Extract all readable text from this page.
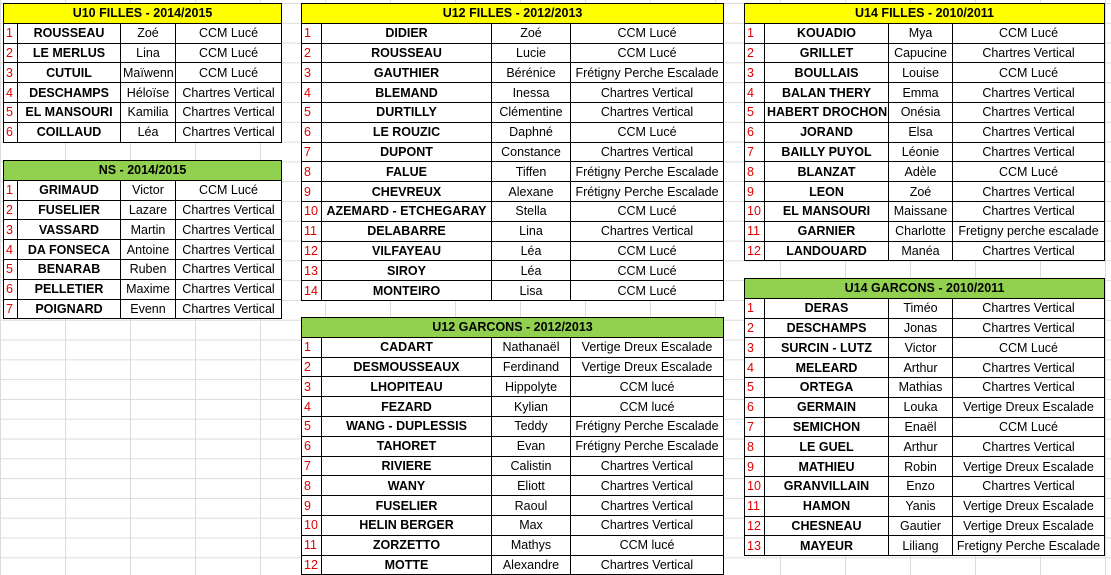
U10 FILLES - 2014/2015			
1	ROUSSEAU	Zoé	CCM Lucé
2	LE MERLUS	Lina	CCM Lucé
3	CUTUIL	Maïwenn	CCM Lucé
4	DESCHAMPS	Héloïse	Chartres Vertical
5	EL MANSOURI	Kamilia	Chartres Vertical
6	COILLAUD	Léa	Chartres Vertical
NS - 2014/2015			
1	GRIMAUD	Victor	CCM Lucé
2	FUSELIER	Lazare	Chartres Vertical
3	VASSARD	Martin	Chartres Vertical
4	DA FONSECA	Antoine	Chartres Vertical
5	BENARAB	Ruben	Chartres Vertical
6	PELLETIER	Maxime	Chartres Vertical
7	POIGNARD	Evenn	Chartres Vertical
U12 FILLES - 2012/2013			
1	DIDIER	Zoé	CCM Lucé
2	ROUSSEAU	Lucie	CCM Lucé
3	GAUTHIER	Bérénice	Frétigny Perche Escalade
4	BLEMAND	Inessa	Chartres Vertical
5	DURTILLY	Clémentine	Chartres Vertical
6	LE ROUZIC	Daphné	CCM Lucé
7	DUPONT	Constance	Chartres Vertical
8	FALUE	Tiffen	Frétigny Perche Escalade
9	CHEVREUX	Alexane	Frétigny Perche Escalade
10	AZEMARD - ETCHEGARAY	Stella	CCM Lucé
11	DELABARRE	Lina	Chartres Vertical
12	VILFAYEAU	Léa	CCM Lucé
13	SIROY	Léa	CCM Lucé
14	MONTEIRO	Lisa	CCM Lucé
U12 GARCONS - 2012/2013			
1	CADART	Nathanaël	Vertige Dreux Escalade
2	DESMOUSSEAUX	Ferdinand	Vertige Dreux Escalade
3	LHOPITEAU	Hippolyte	CCM lucé
4	FEZARD	Kylian	CCM lucé
5	WANG - DUPLESSIS	Teddy	Frétigny Perche Escalade
6	TAHORET	Evan	Frétigny Perche Escalade
7	RIVIERE	Calistin	Chartres Vertical
8	WANY	Eliott	Chartres Vertical
9	FUSELIER	Raoul	Chartres Vertical
10	HELIN BERGER	Max	Chartres Vertical
11	ZORZETTO	Mathys	CCM lucé
12	MOTTE	Alexandre	Chartres Vertical
U14 FILLES - 2010/2011			
1	KOUADIO	Mya	CCM Lucé
2	GRILLET	Capucine	Chartres Vertical
3	BOULLAIS	Louise	CCM Lucé
4	BALAN THERY	Emma	Chartres Vertical
5	HABERT DROCHON	Onésia	Chartres Vertical
6	JORAND	Elsa	Chartres Vertical
7	BAILLY PUYOL	Léonie	Chartres Vertical
8	BLANZAT	Adèle	CCM Lucé
9	LEON	Zoé	Chartres Vertical
10	EL MANSOURI	Maissane	Chartres Vertical
11	GARNIER	Charlotte	Fretigny perche escalade
12	LANDOUARD	Manéa	Chartres Vertical
U14 GARCONS - 2010/2011			
1	DERAS	Timéo	Chartres Vertical
2	DESCHAMPS	Jonas	Chartres Vertical
3	SURCIN - LUTZ	Victor	CCM Lucé
4	MELEARD	Arthur	Chartres Vertical
5	ORTEGA	Mathias	Chartres Vertical
6	GERMAIN	Louka	Vertige Dreux Escalade
7	SEMICHON	Enaël	CCM Lucé
8	LE GUEL	Arthur	Chartres Vertical
9	MATHIEU	Robin	Vertige Dreux Escalade
10	GRANVILLAIN	Enzo	Chartres Vertical
11	HAMON	Yanis	Vertige Dreux Escalade
12	CHESNEAU	Gautier	Vertige Dreux Escalade
13	MAYEUR	Liliang	Fretigny Perche Escalade
